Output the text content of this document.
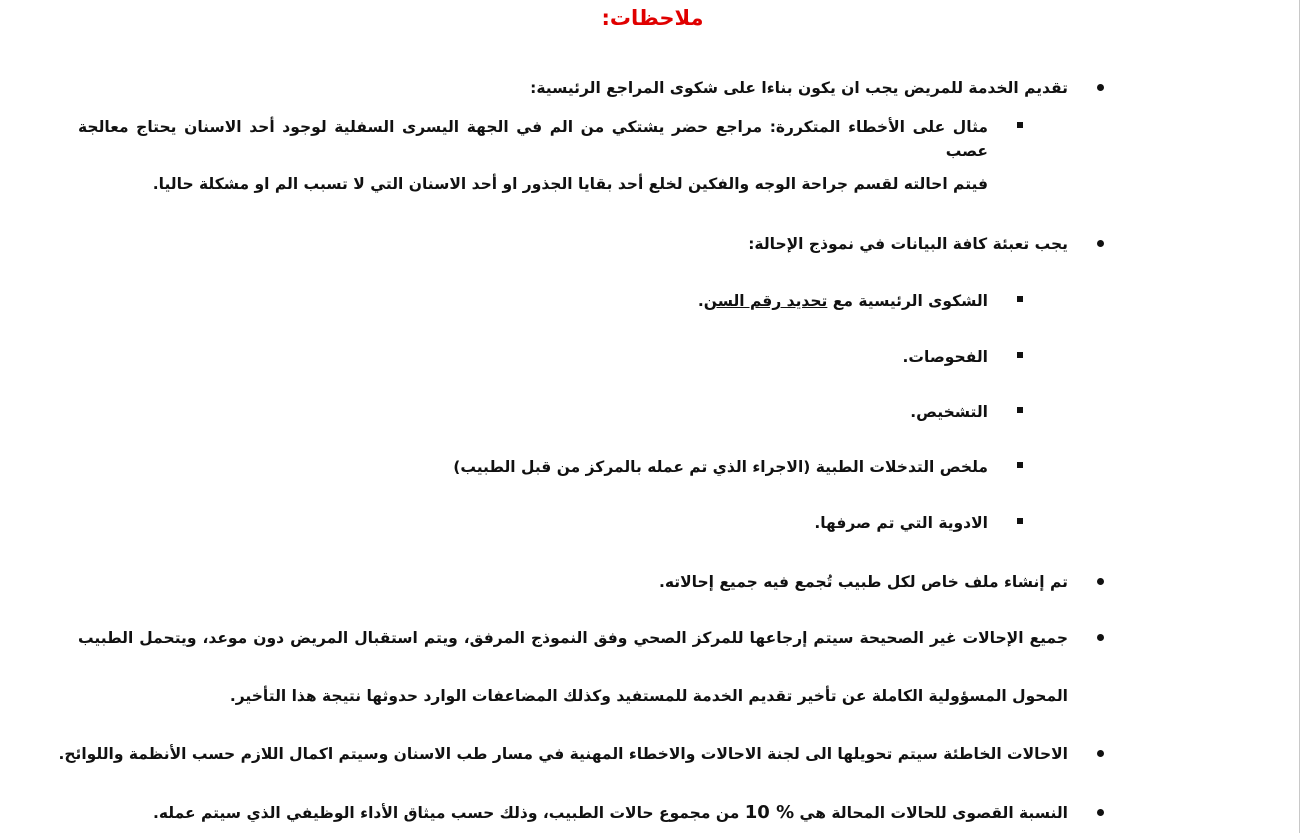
ملاحظات:
تقديم الخدمة للمريض يجب ان يكون بناءا على شكوى المراجع الرئيسية:
مثال على الأخطاء المتكررة: مراجع حضر يشتكي من الم في الجهة اليسرى السفلية لوجود أحد الاسنان يحتاج معالجة عصب
فيتم احالته لقسم جراحة الوجه والفكين لخلع أحد بقايا الجذور او أحد الاسنان التي لا تسبب الم او مشكلة حاليا.
يجب تعبئة كافة البيانات في نموذج الإحالة:
الشكوى الرئيسية مع تحديد رقم السن.
الفحوصات.
التشخيص.
ملخص التدخلات الطبية (الاجراء الذي تم عمله بالمركز من قبل الطبيب)
الادوية التي تم صرفها.
تم إنشاء ملف خاص لكل طبيب تُجمع فيه جميع إحالاته.
جميع الإحالات غير الصحيحة سيتم إرجاعها للمركز الصحي وفق النموذج المرفق، ويتم استقبال المريض دون موعد، ويتحمل الطبيب
المحول المسؤولية الكاملة عن تأخير تقديم الخدمة للمستفيد وكذلك المضاعفات الوارد حدوثها نتيجة هذا التأخير.
الاحالات الخاطئة سيتم تحويلها الى لجنة الاحالات والاخطاء المهنية في مسار طب الاسنان وسيتم اكمال اللازم حسب الأنظمة واللوائح.
النسبة القصوى للحالات المحالة هي 10 % من مجموع حالات الطبيب، وذلك حسب ميثاق الأداء الوظيفي الذي سيتم عمله.
